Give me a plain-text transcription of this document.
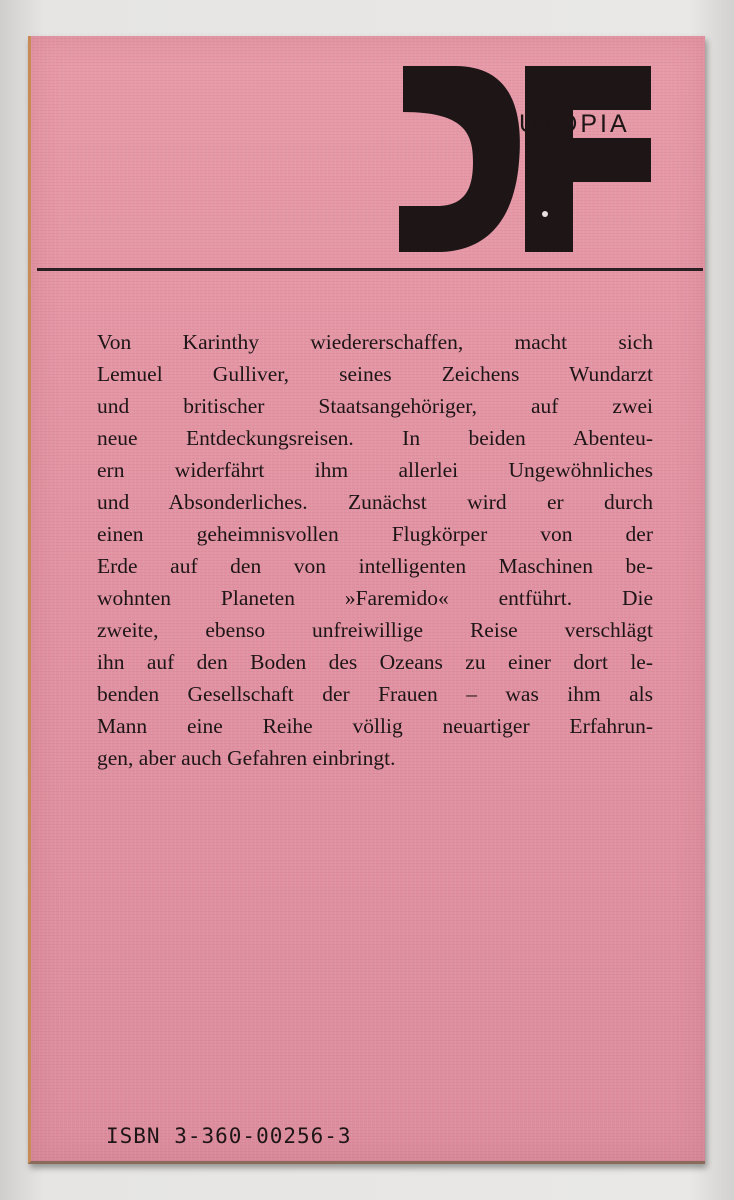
UTOPIA

Von Karinthy wiedererschaffen, macht sich
Lemuel Gulliver, seines Zeichens Wundarzt
und britischer Staatsangehöriger, auf zwei
neue Entdeckungsreisen. In beiden Abenteu-
ern widerfährt ihm allerlei Ungewöhnliches
und Absonderliches. Zunächst wird er durch
einen geheimnisvollen Flugkörper von der
Erde auf den von intelligenten Maschinen be-
wohnten Planeten »Faremido« entführt. Die
zweite, ebenso unfreiwillige Reise verschlägt
ihn auf den Boden des Ozeans zu einer dort le-
benden Gesellschaft der Frauen – was ihm als
Mann eine Reihe völlig neuartiger Erfahrun-
gen, aber auch Gefahren einbringt.

ISBN 3-360-00256-3
